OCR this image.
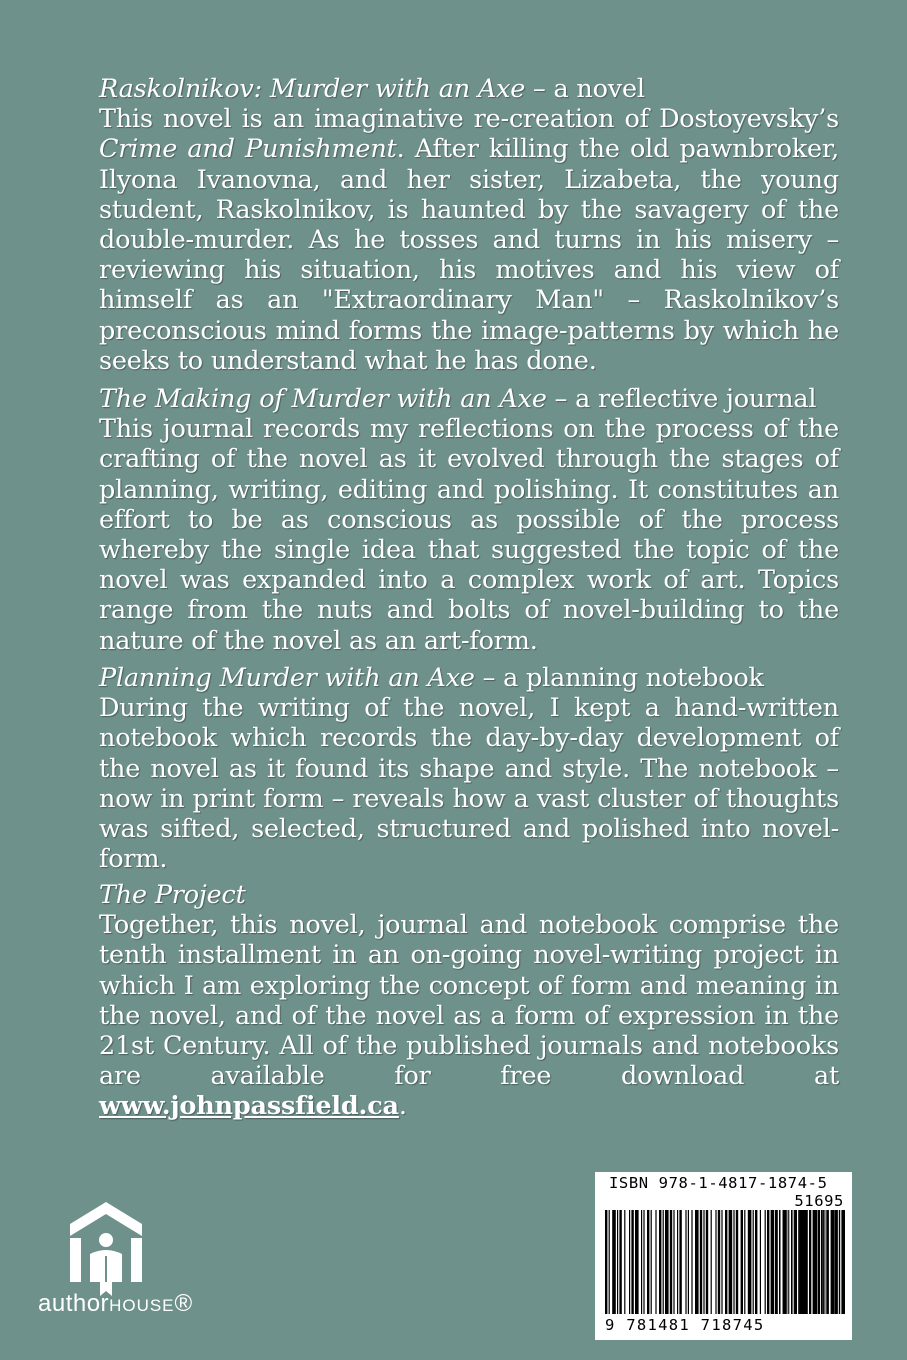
Raskolnikov: Murder with an Axe – a novel
This novel is an imaginative re-creation of Dostoyevsky’s Crime and Punishment. After killing the old pawnbroker, Ilyona Ivanovna, and her sister, Lizabeta, the young student, Raskolnikov, is haunted by the savagery of the double-murder. As he tosses and turns in his misery – reviewing his situation, his motives and his view of himself as an "Extraordinary Man" – Raskolnikov’s preconscious mind forms the image-patterns by which he seeks to understand what he has done.
The Making of Murder with an Axe – a reflective journal
This journal records my reflections on the process of the crafting of the novel as it evolved through the stages of planning, writing, editing and polishing. It constitutes an effort to be as conscious as possible of the process whereby the single idea that suggested the topic of the novel was expanded into a complex work of art. Topics range from the nuts and bolts of novel-building to the nature of the novel as an art-form.
Planning Murder with an Axe – a planning notebook
During the writing of the novel, I kept a hand-written notebook which records the day-by-day development of the novel as it found its shape and style. The notebook – now in print form – reveals how a vast cluster of thoughts was sifted, selected, structured and polished into novel-form.
The Project
Together, this novel, journal and notebook comprise the tenth installment in an on-going novel-writing project in which I am exploring the concept of form and meaning in the novel, and of the novel as a form of expression in the 21st Century. All of the published journals and notebooks are available for free download at www.johnpassfield.ca.
authorHOUSE®
ISBN 978-1-4817-1874-5
51695
9 781481 718745
